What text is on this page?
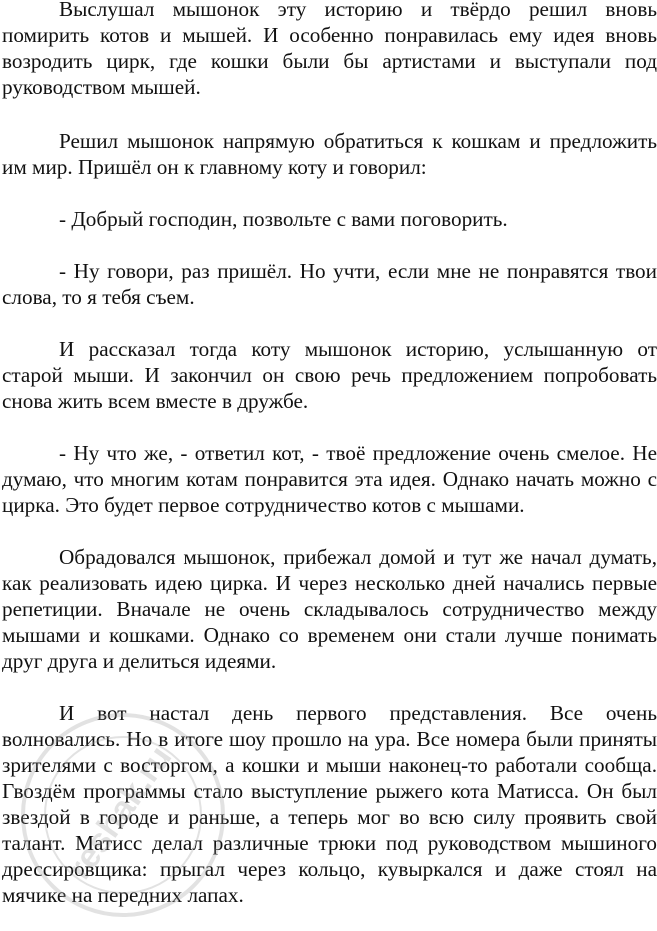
Выслушал мышонок эту историю и твёрдо решил вновь помирить котов и мышей. И особенно понравилась ему идея вновь возродить цирк, где кошки были бы артистами и выступали под руководством мышей.

Решил мышонок напрямую обратиться к кошкам и предложить им мир. Пришёл он к главному коту и говорил:

- Добрый господин, позвольте с вами поговорить.

- Ну говори, раз пришёл. Но учти, если мне не понравятся твои слова, то я тебя съем.

И рассказал тогда коту мышонок историю, услышанную от старой мыши. И закончил он свою речь предложением попробовать снова жить всем вместе в дружбе.

- Ну что же, - ответил кот, - твоё предложение очень смелое. Не думаю, что многим котам понравится эта идея. Однако начать можно с цирка. Это будет первое сотрудничество котов с мышами.

Обрадовался мышонок, прибежал домой и тут же начал думать, как реализовать идею цирка. И через несколько дней начались первые репетиции. Вначале не очень складывалось сотрудничество между мышами и кошками. Однако со временем они стали лучше понимать друг друга и делиться идеями.

И вот настал день первого представления. Все очень волновались. Но в итоге шоу прошло на ура. Все номера были приняты зрителями с восторгом, а кошки и мыши наконец-то работали сообща. Гвоздём программы стало выступление рыжего кота Матисса. Он был звездой в городе и раньше, а теперь мог во всю силу проявить свой талант. Матисс делал различные трюки под руководством мышиного дрессировщика: прыгал через кольцо, кувыркался и даже стоял на мячике на передних лапах.

reshak.ru
